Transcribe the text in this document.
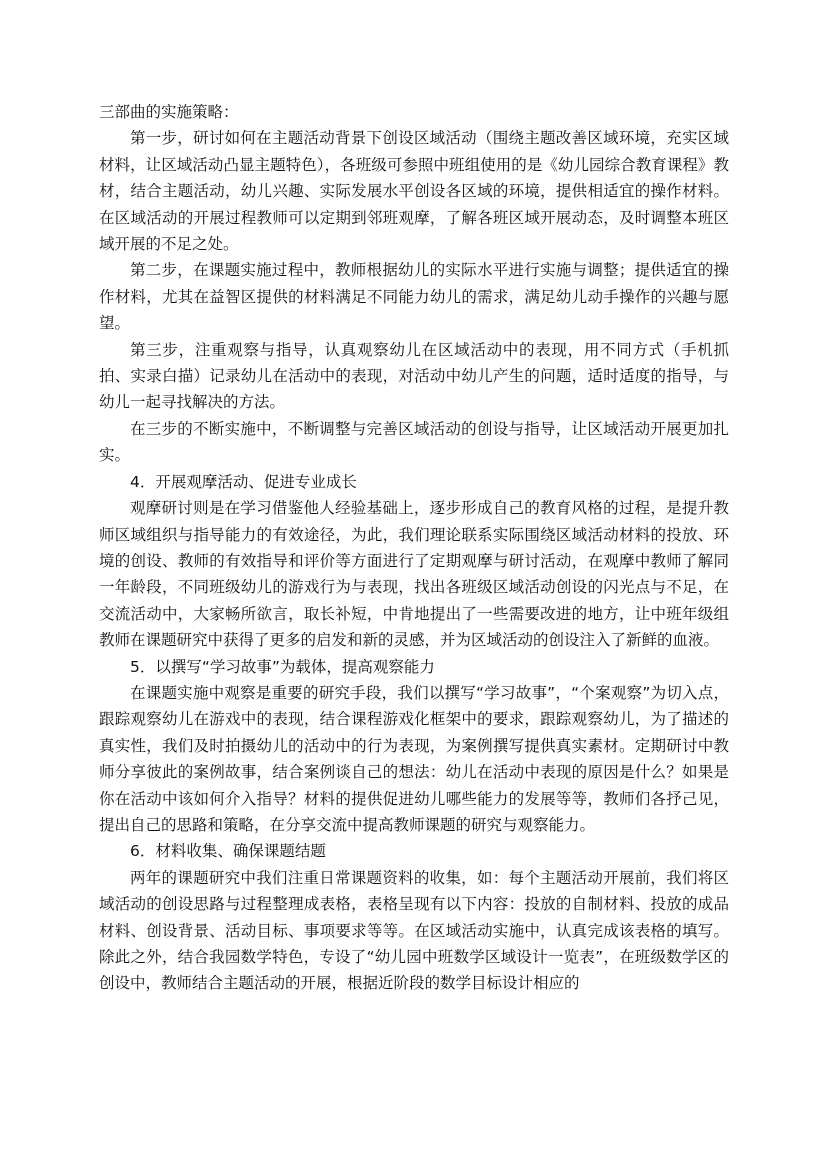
三部曲的实施策略：

第一步，研讨如何在主题活动背景下创设区域活动（围绕主题改善区域环境，充实区域材料，让区域活动凸显主题特色），各班级可参照中班组使用的是《幼儿园综合教育课程》教材，结合主题活动，幼儿兴趣、实际发展水平创设各区域的环境，提供相适宜的操作材料。在区域活动的开展过程教师可以定期到邻班观摩，了解各班区域开展动态，及时调整本班区域开展的不足之处。

第二步，在课题实施过程中，教师根据幼儿的实际水平进行实施与调整；提供适宜的操作材料，尤其在益智区提供的材料满足不同能力幼儿的需求，满足幼儿动手操作的兴趣与愿望。

第三步，注重观察与指导，认真观察幼儿在区域活动中的表现，用不同方式（手机抓拍、实录白描）记录幼儿在活动中的表现，对活动中幼儿产生的问题，适时适度的指导，与幼儿一起寻找解决的方法。

在三步的不断实施中，不断调整与完善区域活动的创设与指导，让区域活动开展更加扎实。

4．开展观摩活动、促进专业成长

观摩研讨则是在学习借鉴他人经验基础上，逐步形成自己的教育风格的过程，是提升教师区域组织与指导能力的有效途径，为此，我们理论联系实际围绕区域活动材料的投放、环境的创设、教师的有效指导和评价等方面进行了定期观摩与研讨活动，在观摩中教师了解同一年龄段，不同班级幼儿的游戏行为与表现，找出各班级区域活动创设的闪光点与不足，在交流活动中，大家畅所欲言，取长补短，中肯地提出了一些需要改进的地方，让中班年级组教师在课题研究中获得了更多的启发和新的灵感，并为区域活动的创设注入了新鲜的血液。

5．以撰写“学习故事”为载体，提高观察能力

在课题实施中观察是重要的研究手段，我们以撰写“学习故事”，“个案观察”为切入点，跟踪观察幼儿在游戏中的表现，结合课程游戏化框架中的要求，跟踪观察幼儿，为了描述的真实性，我们及时拍摄幼儿的活动中的行为表现，为案例撰写提供真实素材。定期研讨中教师分享彼此的案例故事，结合案例谈自己的想法：幼儿在活动中表现的原因是什么？如果是你在活动中该如何介入指导？材料的提供促进幼儿哪些能力的发展等等，教师们各抒己见，提出自己的思路和策略，在分享交流中提高教师课题的研究与观察能力。

6．材料收集、确保课题结题

两年的课题研究中我们注重日常课题资料的收集，如：每个主题活动开展前，我们将区域活动的创设思路与过程整理成表格，表格呈现有以下内容：投放的自制材料、投放的成品材料、创设背景、活动目标、事项要求等等。在区域活动实施中，认真完成该表格的填写。除此之外，结合我园数学特色，专设了“幼儿园中班数学区域设计一览表”，在班级数学区的创设中，教师结合主题活动的开展，根据近阶段的数学目标设计相应的
